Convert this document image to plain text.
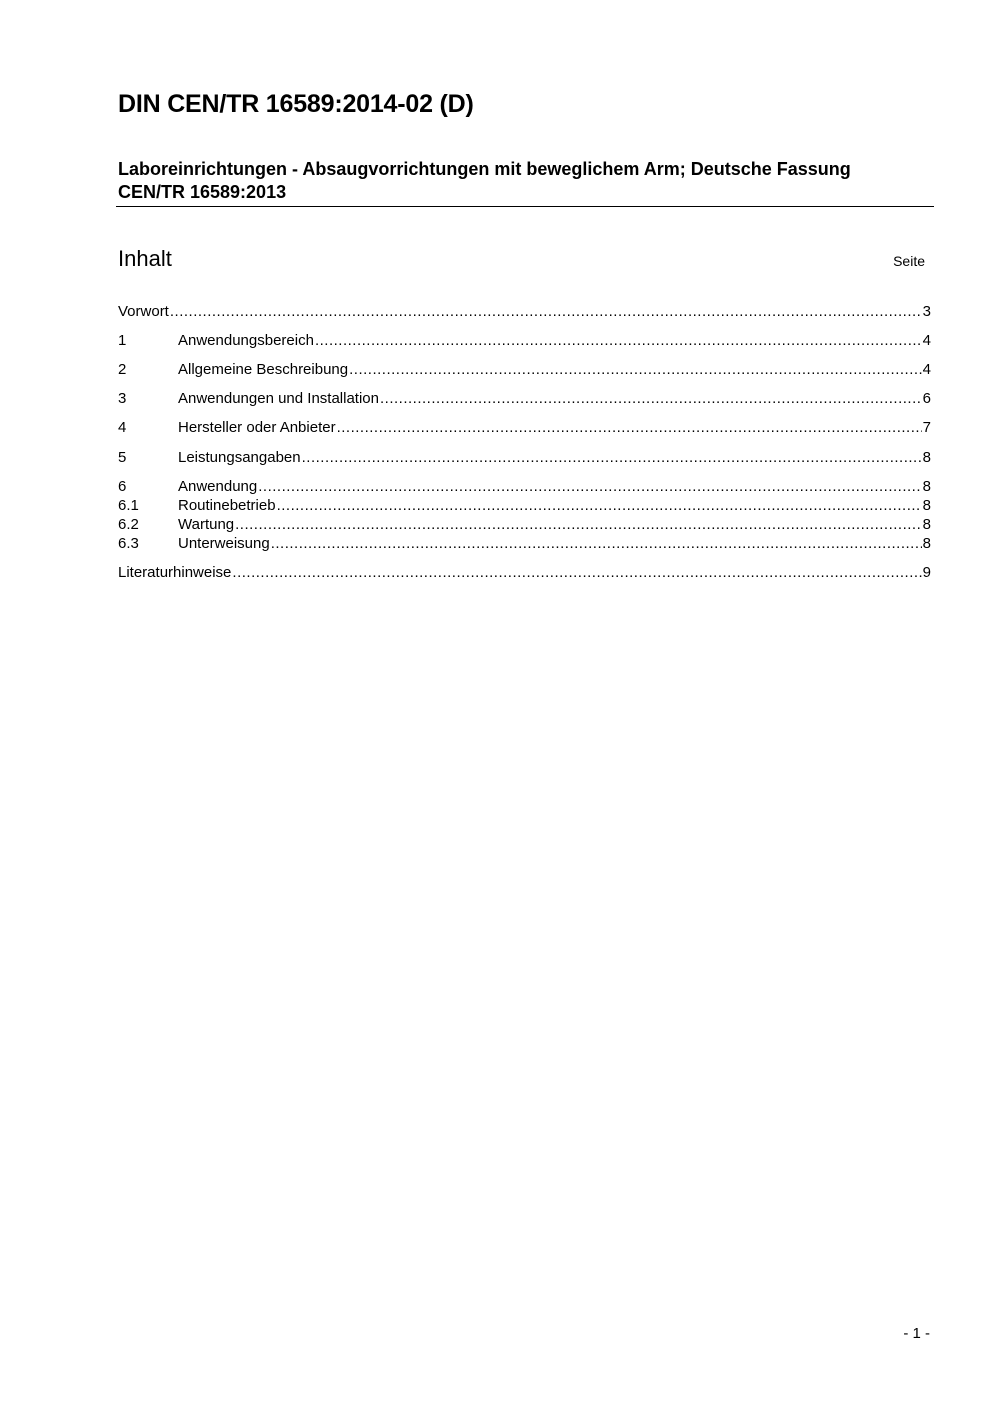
DIN CEN/TR 16589:2014-02 (D)

Laboreinrichtungen - Absaugvorrichtungen mit beweglichem Arm; Deutsche Fassung CEN/TR 16589:2013

Inhalt	Seite
Vorwort .....	3
1	Anwendungsbereich .....	4
2	Allgemeine Beschreibung .....	4
3	Anwendungen und Installation .....	6
4	Hersteller oder Anbieter .....	7
5	Leistungsangaben .....	8
6	Anwendung .....	8
6.1	Routinebetrieb .....	8
6.2	Wartung .....	8
6.3	Unterweisung .....	8
Literaturhinweise .....	9
- 1 -
